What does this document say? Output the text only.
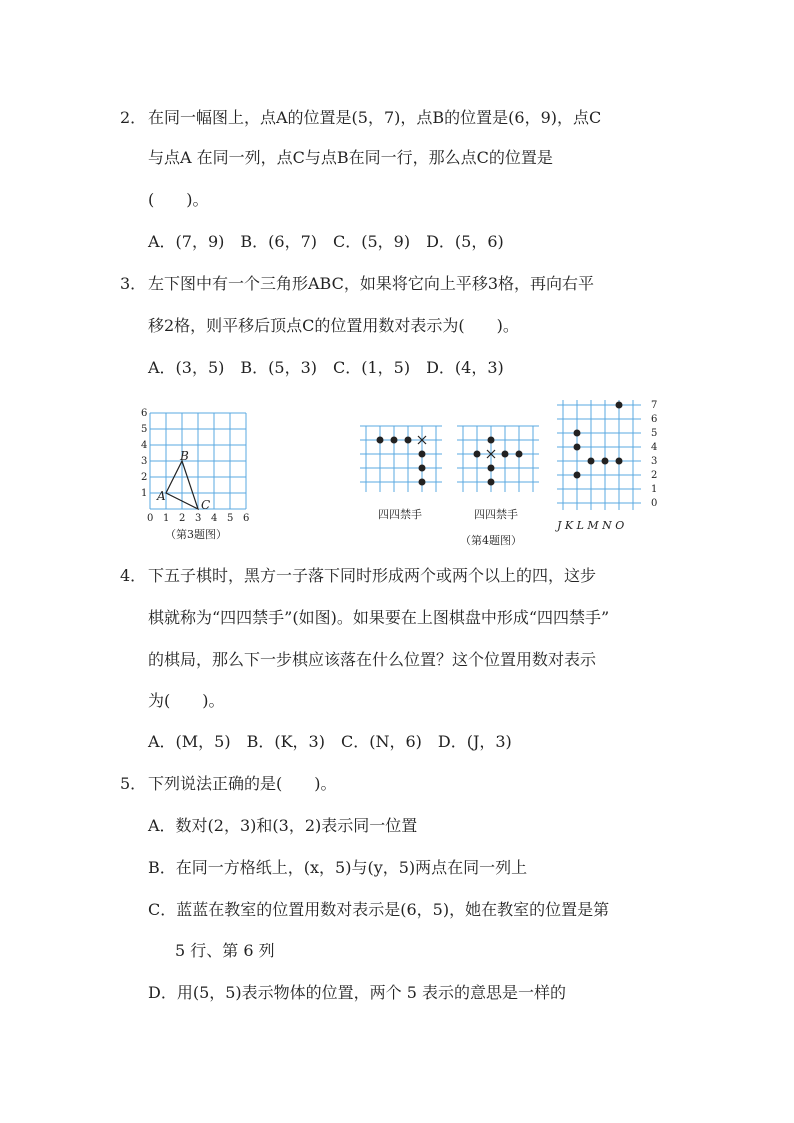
2． 在同一幅图上，点A的位置是(5，7)，点B的位置是(6，9)，点C
与点A 在同一列，点C与点B在同一行，那么点C的位置是
(　　)。
A．(7，9)　B．(6，7)　C．(5，9)　D．(5，6)
3． 左下图中有一个三角形ABC，如果将它向上平移3格，再向右平
移2格，则平移后顶点C的位置用数对表示为(　　)。
A．(3，5)　B．(5，3)　C．(1，5)　D．(4，3)
6
5
4
3
2
1
0 1 2 3 4 5 6
A
B
C
（第3题图）
四四禁手	四四禁手
（第4题图）
7
6
5
4
3
2
1
0
J K L M N O
4． 下五子棋时，黑方一子落下同时形成两个或两个以上的四，这步
棋就称为“四四禁手”(如图)。如果要在上图棋盘中形成“四四禁手”
的棋局，那么下一步棋应该落在什么位置？这个位置用数对表示
为(　　)。
A．(M，5)　B．(K，3)　C．(N，6)　D．(J，3)
5． 下列说法正确的是(　　)。
A．数对(2，3)和(3，2)表示同一位置
B．在同一方格纸上，(x，5)与(y，5)两点在同一列上
C．蓝蓝在教室的位置用数对表示是(6，5)，她在教室的位置是第
5 行、第 6 列
D．用(5，5)表示物体的位置，两个 5 表示的意思是一样的
